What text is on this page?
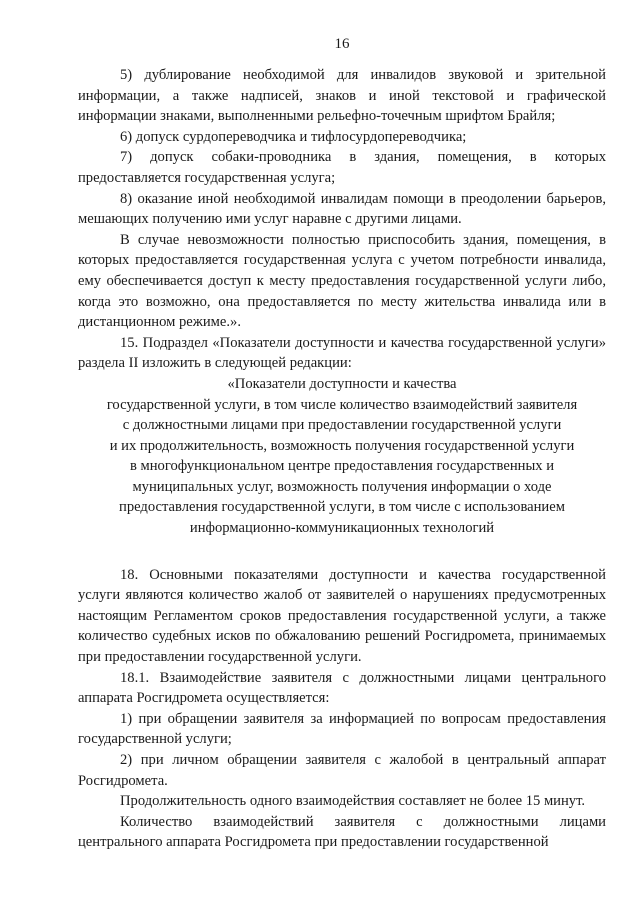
16

5) дублирование необходимой для инвалидов звуковой и зрительной информации, а также надписей, знаков и иной текстовой и графической информации знаками, выполненными рельефно-точечным шрифтом Брайля;

6) допуск сурдопереводчика и тифлосурдопереводчика;

7) допуск собаки-проводника в здания, помещения, в которых предоставляется государственная услуга;

8) оказание иной необходимой инвалидам помощи в преодолении барьеров, мешающих получению ими услуг наравне с другими лицами.

В случае невозможности полностью приспособить здания, помещения, в которых предоставляется государственная услуга с учетом потребности инвалида, ему обеспечивается доступ к месту предоставления государственной услуги либо, когда это возможно, она предоставляется по месту жительства инвалида или в дистанционном режиме.».

15. Подраздел «Показатели доступности и качества государственной услуги» раздела II изложить в следующей редакции:

«Показатели доступности и качества
государственной услуги, в том числе количество взаимодействий заявителя
с должностными лицами при предоставлении государственной услуги
и их продолжительность, возможность получения государственной услуги
в многофункциональном центре предоставления государственных и
муниципальных услуг, возможность получения информации о ходе
предоставления государственной услуги, в том числе с использованием
информационно-коммуникационных технологий

18. Основными показателями доступности и качества государственной услуги являются количество жалоб от заявителей о нарушениях предусмотренных настоящим Регламентом сроков предоставления государственной услуги, а также количество судебных исков по обжалованию решений Росгидромета, принимаемых при предоставлении государственной услуги.

18.1. Взаимодействие заявителя с должностными лицами центрального аппарата Росгидромета осуществляется:

1) при обращении заявителя за информацией по вопросам предоставления государственной услуги;

2) при личном обращении заявителя с жалобой в центральный аппарат Росгидромета.

Продолжительность одного взаимодействия составляет не более 15 минут.

Количество взаимодействий заявителя с должностными лицами центрального аппарата Росгидромета при предоставлении государственной
